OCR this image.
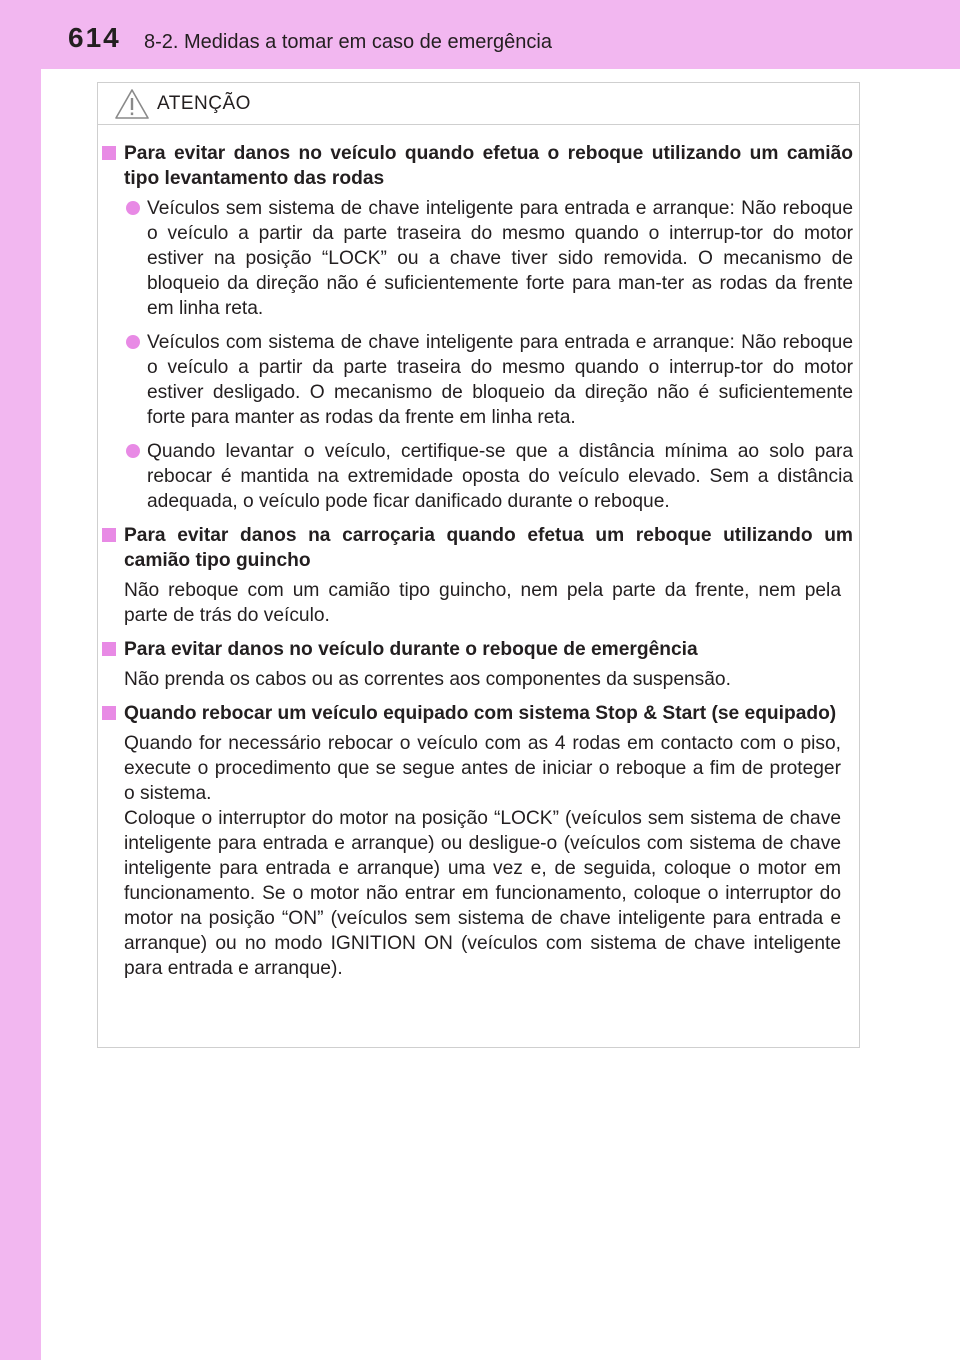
614 8-2. Medidas a tomar em caso de emergência
ATENÇÃO
Para evitar danos no veículo quando efetua o reboque utilizando um camião tipo levantamento das rodas
Veículos sem sistema de chave inteligente para entrada e arranque: Não reboque o veículo a partir da parte traseira do mesmo quando o interrup-tor do motor estiver na posição “LOCK” ou a chave tiver sido removida. O mecanismo de bloqueio da direção não é suficientemente forte para man-ter as rodas da frente em linha reta.
Veículos com sistema de chave inteligente para entrada e arranque: Não reboque o veículo a partir da parte traseira do mesmo quando o interrup-tor do motor estiver desligado. O mecanismo de bloqueio da direção não é suficientemente forte para manter as rodas da frente em linha reta.
Quando levantar o veículo, certifique-se que a distância mínima ao solo para rebocar é mantida na extremidade oposta do veículo elevado. Sem a distância adequada, o veículo pode ficar danificado durante o reboque.
Para evitar danos na carroçaria quando efetua um reboque utilizando um camião tipo guincho
Não reboque com um camião tipo guincho, nem pela parte da frente, nem pela parte de trás do veículo.
Para evitar danos no veículo durante o reboque de emergência
Não prenda os cabos ou as correntes aos componentes da suspensão.
Quando rebocar um veículo equipado com sistema Stop & Start (se equipado)
Quando for necessário rebocar o veículo com as 4 rodas em contacto com o piso, execute o procedimento que se segue antes de iniciar o reboque a fim de proteger o sistema.
Coloque o interruptor do motor na posição “LOCK” (veículos sem sistema de chave inteligente para entrada e arranque) ou desligue-o (veículos com sistema de chave inteligente para entrada e arranque) uma vez e, de seguida, coloque o motor em funcionamento. Se o motor não entrar em funcionamento, coloque o interruptor do motor na posição “ON” (veículos sem sistema de chave inteligente para entrada e arranque) ou no modo IGNITION ON (veículos com sistema de chave inteligente para entrada e arranque).
